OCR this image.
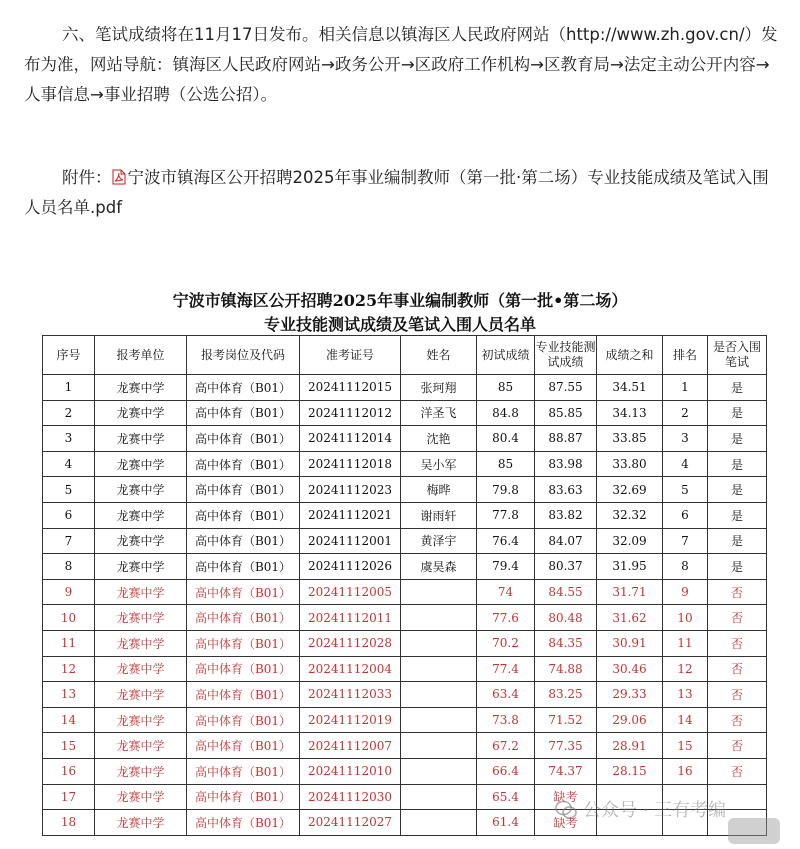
六、笔试成绩将在11月17日发布。相关信息以镇海区人民政府网站（http://www.zh.gov.cn/）发布为准，网站导航：镇海区人民政府网站→政务公开→区政府工作机构→区教育局→法定主动公开内容→人事信息→事业招聘（公选公招）。

附件： 宁波市镇海区公开招聘2025年事业编制教师（第一批·第二场）专业技能成绩及笔试入围人员名单.pdf

宁波市镇海区公开招聘2025年事业编制教师（第一批•第二场）
专业技能测试成绩及笔试入围人员名单
序号	报考单位	报考岗位及代码	准考证号	姓名	初试成绩	专业技能测试成绩	成绩之和	排名	是否入围笔试
1	龙赛中学	高中体育（B01）	20241112015	张珂翔	85	87.55	34.51	1	是
2	龙赛中学	高中体育（B01）	20241112012	洋圣飞	84.8	85.85	34.13	2	是
3	龙赛中学	高中体育（B01）	20241112014	沈艳	80.4	88.87	33.85	3	是
4	龙赛中学	高中体育（B01）	20241112018	吴小军	85	83.98	33.80	4	是
5	龙赛中学	高中体育（B01）	20241112023	梅晔	79.8	83.63	32.69	5	是
6	龙赛中学	高中体育（B01）	20241112021	谢雨轩	77.8	83.82	32.32	6	是
7	龙赛中学	高中体育（B01）	20241112001	黄泽宇	76.4	84.07	32.09	7	是
8	龙赛中学	高中体育（B01）	20241112026	虞昊森	79.4	80.37	31.95	8	是
9	龙赛中学	高中体育（B01）	20241112005		74	84.55	31.71	9	否
10	龙赛中学	高中体育（B01）	20241112011		77.6	80.48	31.62	10	否
11	龙赛中学	高中体育（B01）	20241112028		70.2	84.35	30.91	11	否
12	龙赛中学	高中体育（B01）	20241112004		77.4	74.88	30.46	12	否
13	龙赛中学	高中体育（B01）	20241112033		63.4	83.25	29.33	13	否
14	龙赛中学	高中体育（B01）	20241112019		73.8	71.52	29.06	14	否
15	龙赛中学	高中体育（B01）	20241112007		67.2	77.35	28.91	15	否
16	龙赛中学	高中体育（B01）	20241112010		66.4	74.37	28.15	16	否
17	龙赛中学	高中体育（B01）	20241112030		65.4	缺考			
18	龙赛中学	高中体育（B01）	20241112027		61.4	缺考			
公众号 · 三有考编
